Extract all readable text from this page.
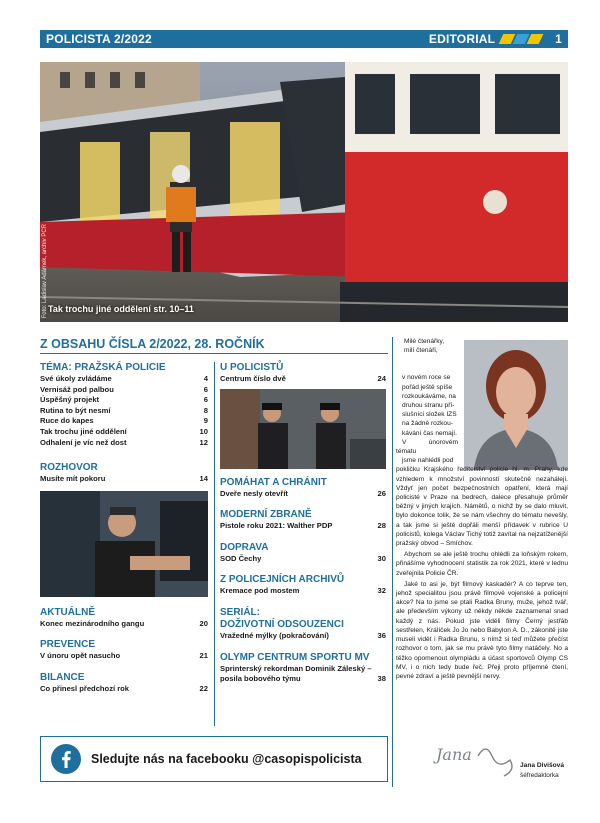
POLICISTA 2/2022	EDITORIAL	1
Tak trochu jiné oddělení str. 10–11
Foto: Ladislav Adámek, archiv PČR
Z OBSAHU ČÍSLA 2/2022, 28. ROČNÍK
TÉMA: PRAŽSKÁ POLICIE
Své úkoly zvládáme	4
Vernisáž pod palbou	6
Úspěšný projekt	6
Rutina to být nesmí	8
Ruce do kapes	9
Tak trochu jiné oddělení	10
Odhalení je víc než dost	12
ROZHOVOR
Musíte mít pokoru	14
AKTUÁLNĚ
Konec mezinárodního gangu	20
PREVENCE
V únoru opět nasucho	21
BILANCE
Co přinesl předchozí rok	22
U POLICISTŮ
Centrum číslo dvě	24
POMÁHAT A CHRÁNIT
Dveře nesly otevřít	26
MODERNÍ ZBRANĚ
Pistole roku 2021: Walther PDP	28
DOPRAVA
SOD Čechy	30
Z POLICEJNÍCH ARCHIVŮ
Kremace pod mostem	32
SERIÁL:
DOŽIVOTNÍ ODSOUZENCI
Vražedné mýlky (pokračování)	36
OLYMP CENTRUM SPORTU MV
Sprinterský rekordman Dominik Záleský –
posila bobového týmu	38
Sledujte nás na facebooku @casopispolicista
Milé čtenářky,
milí čtenáři,
v novém roce se
pořád ještě spíše
rozkoukáváme, na
druhou stranu pří-
slušníci složek IZS
na žádné rozkou-
kávání čas nemají.
V únorovém tématu
jsme nahlédli pod

pokličku Krajského ředitelství policie hl. m. Prahy, kde vzhledem k množství povinností skutečně nezahálejí. Vždyť jen počet bezpečnostních opatření, která mají policisté v Praze na bedrech, dalece přesahuje průměr běžný v jiných krajích. Námětů, o nichž by se dalo mluvit, bylo dokonce tolik, že se nám všechny do tématu nevešly, a tak jsme si ještě dopřáli menší přídavek v rubrice U policistů, kolega Václav Tichý totiž zavítal na nejzatíženější pražský obvod – Smíchov.

Abychom se ale ještě trochu ohlédli za loňským rokem, přinášíme vyhodnocení statistik za rok 2021, které v lednu zveřejnila Policie ČR.

Jaké to asi je, být filmový kaskadér? A co teprve ten, jehož specialitou jsou právě filmové vojenské a policejní akce? Na to jsme se ptali Radka Bruny, muže, jehož tvář, ale především výkony už někdy někde zaznamenal snad každý z nás. Pokud jste viděli filmy Černý jestřáb sestřelen, Králíček Jo Jo nebo Babylon A. D., zákonitě jste museli vidět i Radka Brunu, s nímž si teď můžete přečíst rozhovor o tom, jak se mu právě tyto filmy natáčely. No a těžko opomenout olympiádu a účast sportovců Olymp CS MV, i o nich tedy bude řeč. Přeji proto příjemné čtení, pevné zdraví a ještě pevnější nervy.

Jana
Jana Divišová
šéfredaktorka
